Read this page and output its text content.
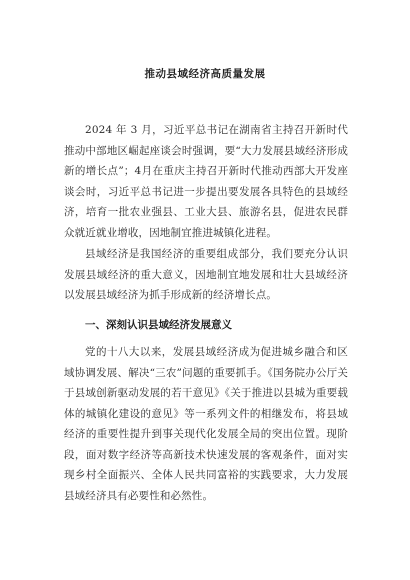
推动县域经济高质量发展

2024 年 3 月，习近平总书记在湖南省主持召开新时代推动中部地区崛起座谈会时强调，要“大力发展县域经济形成新的增长点”；4月在重庆主持召开新时代推动西部大开发座谈会时，习近平总书记进一步提出要发展各具特色的县域经济，培育一批农业强县、工业大县、旅游名县，促进农民群众就近就业增收，因地制宜推进城镇化进程。

县域经济是我国经济的重要组成部分，我们要充分认识发展县域经济的重大意义，因地制宜地发展和壮大县域经济以发展县域经济为抓手形成新的经济增长点。

一、深刻认识县域经济发展意义

党的十八大以来，发展县域经济成为促进城乡融合和区域协调发展、解决“三农”问题的重要抓手。《国务院办公厅关于县域创新驱动发展的若干意见》《关于推进以县城为重要载体的城镇化建设的意见》等一系列文件的相继发布，将县域经济的重要性提升到事关现代化发展全局的突出位置。现阶段，面对数字经济等高新技术快速发展的客观条件，面对实现乡村全面振兴、全体人民共同富裕的实践要求，大力发展县域经济具有必要性和必然性。
